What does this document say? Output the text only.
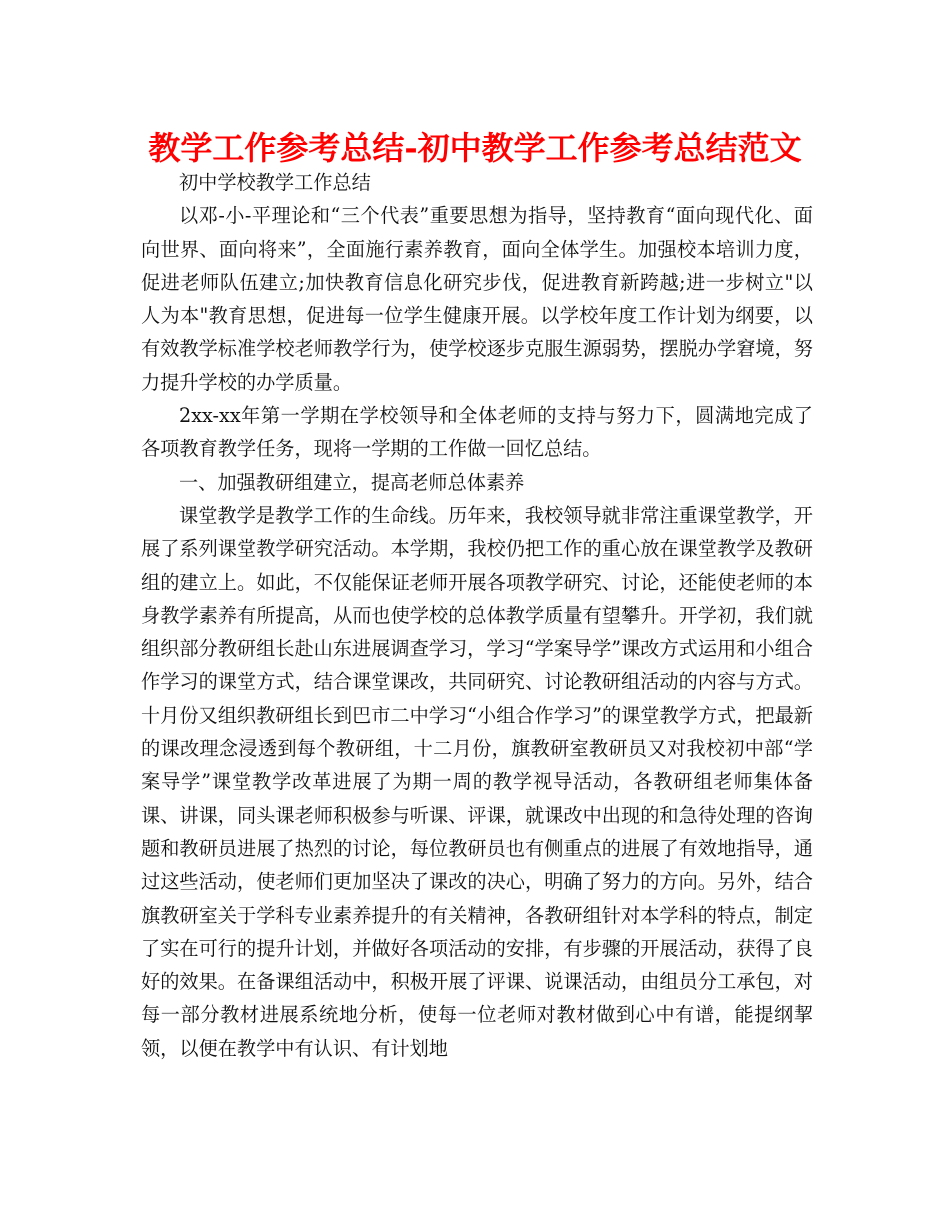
教学工作参考总结-初中教学工作参考总结范文

初中学校教学工作总结

以邓-小-平理论和“三个代表”重要思想为指导，坚持教育“面向现代化、面向世界、面向将来”，全面施行素养教育，面向全体学生。加强校本培训力度，促进老师队伍建立;加快教育信息化研究步伐，促进教育新跨越;进一步树立"以人为本"教育思想，促进每一位学生健康开展。以学校年度工作计划为纲要，以有效教学标准学校老师教学行为，使学校逐步克服生源弱势，摆脱办学窘境，努力提升学校的办学质量。

2xx-xx年第一学期在学校领导和全体老师的支持与努力下，圆满地完成了各项教育教学任务，现将一学期的工作做一回忆总结。

一、加强教研组建立，提高老师总体素养

课堂教学是教学工作的生命线。历年来，我校领导就非常注重课堂教学，开展了系列课堂教学研究活动。本学期，我校仍把工作的重心放在课堂教学及教研组的建立上。如此，不仅能保证老师开展各项教学研究、讨论，还能使老师的本身教学素养有所提高，从而也使学校的总体教学质量有望攀升。开学初，我们就组织部分教研组长赴山东进展调查学习，学习“学案导学”课改方式运用和小组合作学习的课堂方式，结合课堂课改，共同研究、讨论教研组活动的内容与方式。十月份又组织教研组长到巴市二中学习“小组合作学习”的课堂教学方式，把最新的课改理念浸透到每个教研组，十二月份，旗教研室教研员又对我校初中部“学案导学”课堂教学改革进展了为期一周的教学视导活动，各教研组老师集体备课、讲课，同头课老师积极参与听课、评课，就课改中出现的和急待处理的咨询题和教研员进展了热烈的讨论，每位教研员也有侧重点的进展了有效地指导，通过这些活动，使老师们更加坚决了课改的决心，明确了努力的方向。另外，结合旗教研室关于学科专业素养提升的有关精神，各教研组针对本学科的特点，制定了实在可行的提升计划，并做好各项活动的安排，有步骤的开展活动，获得了良好的效果。在备课组活动中，积极开展了评课、说课活动，由组员分工承包，对每一部分教材进展系统地分析，使每一位老师对教材做到心中有谱，能提纲挈领，以便在教学中有认识、有计划地
